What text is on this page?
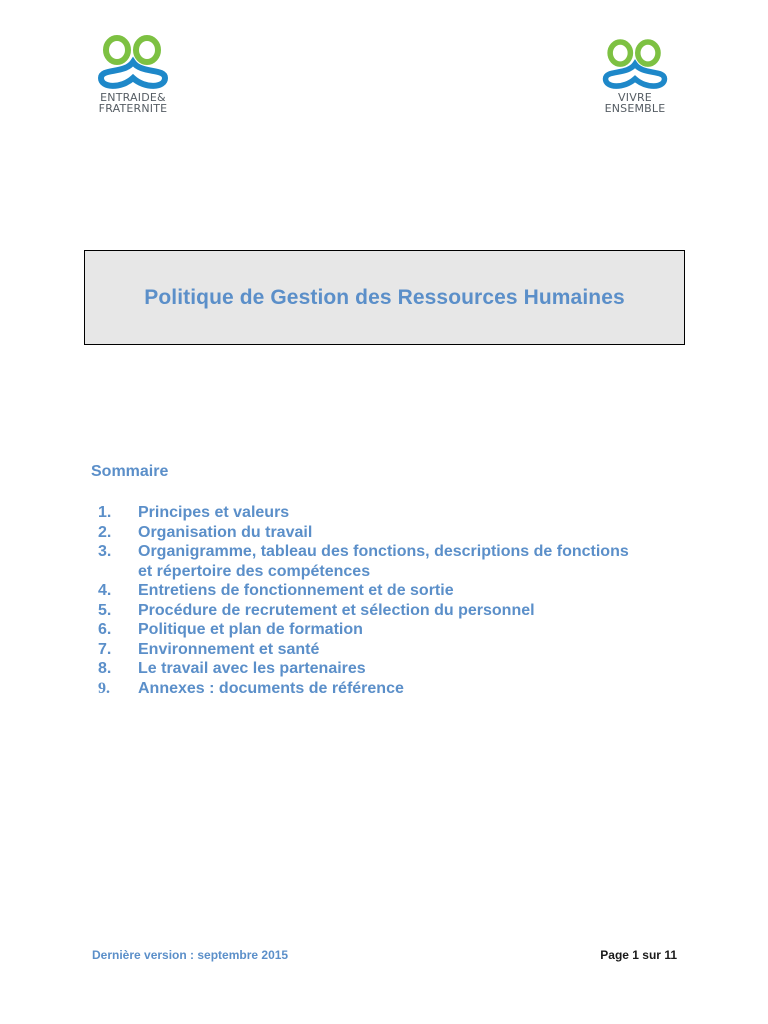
ENTRAIDE&
FRATERNITE
VIVRE
ENSEMBLE
Politique de Gestion des Ressources Humaines
Sommaire
1.	Principes et valeurs
2.	Organisation du travail
3.	Organigramme, tableau des fonctions, descriptions de fonctions et répertoire des compétences
4.	Entretiens de fonctionnement et de sortie
5.	Procédure de recrutement et sélection du personnel
6.	Politique et plan de formation
7.	Environnement et santé
8.	Le travail avec les partenaires
9.	Annexes : documents de référence
Dernière version : septembre 2015	Page 1 sur 11
